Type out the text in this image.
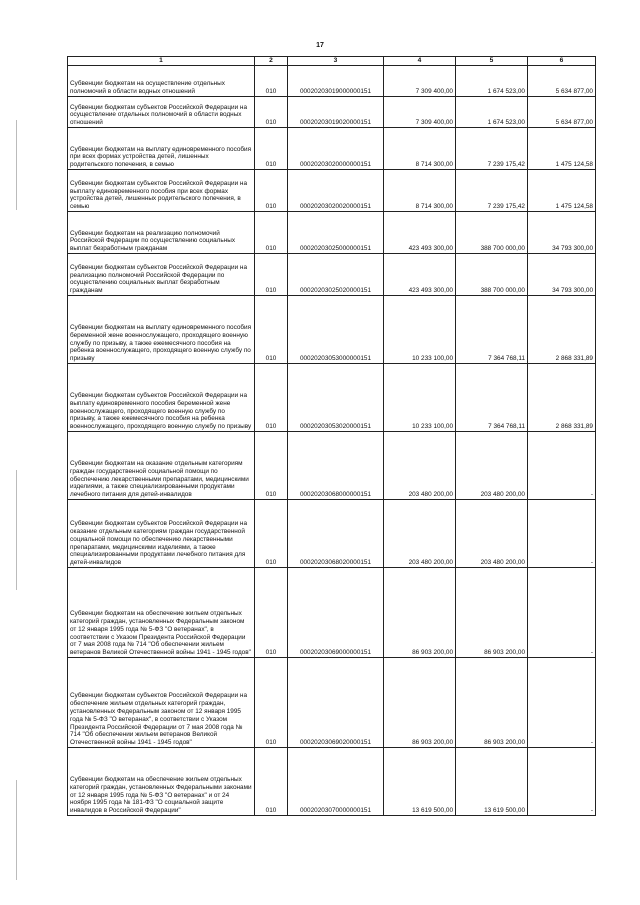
17
1	2	3	4	5	6
Субвенции бюджетам на осуществление отдельных полномочий в области водных отношений	010	00020203019000000151	7 309 400,00	1 674 523,00	5 634 877,00
Субвенции бюджетам субъектов Российской Федерации на осуществление отдельных полномочий в области водных отношений	010	00020203019020000151	7 309 400,00	1 674 523,00	5 634 877,00
Субвенции бюджетам на выплату единовременного пособия при всех формах устройства детей, лишенных родительского попечения, в семью	010	00020203020000000151	8 714 300,00	7 239 175,42	1 475 124,58
Субвенции бюджетам субъектов Российской Федерации на выплату единовременного пособия при всех формах устройства детей, лишенных родительского попечения, в семью	010	00020203020020000151	8 714 300,00	7 239 175,42	1 475 124,58
Субвенции бюджетам на реализацию полномочий Российской Федерации по осуществлению социальных выплат безработным гражданам	010	00020203025000000151	423 493 300,00	388 700 000,00	34 793 300,00
Субвенции бюджетам субъектов Российской Федерации на реализацию полномочий Российской Федерации по осуществлению социальных выплат безработным гражданам	010	00020203025020000151	423 493 300,00	388 700 000,00	34 793 300,00
Субвенции бюджетам на выплату единовременного пособия беременной жене военнослужащего, проходящего военную службу по призыву, а также ежемесячного пособия на ребенка военнослужащего, проходящего военную службу по призыву	010	00020203053000000151	10 233 100,00	7 364 768,11	2 868 331,89
Субвенции бюджетам субъектов Российской Федерации на выплату единовременного пособия беременной жене военнослужащего, проходящего военную службу по призыву, а также ежемесячного пособия на ребенка военнослужащего, проходящего военную службу по призыву	010	00020203053020000151	10 233 100,00	7 364 768,11	2 868 331,89
Субвенции бюджетам на оказание отдельным категориям граждан государственной социальной помощи по обеспечению лекарственными препаратами, медицинскими изделиями, а также специализированными продуктами лечебного питания для детей-инвалидов	010	00020203068000000151	203 480 200,00	203 480 200,00	-
Субвенции бюджетам субъектов Российской Федерации на оказание отдельным категориям граждан государственной социальной помощи по обеспечению лекарственными препаратами, медицинскими изделиями, а также специализированными продуктами лечебного питания для детей-инвалидов	010	00020203068020000151	203 480 200,00	203 480 200,00	-
Субвенции бюджетам на обеспечение жильем отдельных категорий граждан, установленных Федеральным законом от 12 января 1995 года № 5-ФЗ "О ветеранах", в соответствии с Указом Президента Российской Федерации от 7 мая 2008 года № 714 "Об обеспечении жильем ветеранов Великой Отечественной войны 1941 - 1945 годов"	010	00020203069000000151	86 903 200,00	86 903 200,00	-
Субвенции бюджетам субъектов Российской Федерации на обеспечение жильем отдельных категорий граждан, установленных Федеральным законом от 12 января 1995 года № 5-ФЗ "О ветеранах", в соответствии с Указом Президента Российской Федерации от 7 мая 2008 года № 714 "Об обеспечении жильем ветеранов Великой Отечественной войны 1941 - 1945 годов"	010	00020203069020000151	86 903 200,00	86 903 200,00	-
Субвенции бюджетам на обеспечение жильем отдельных категорий граждан, установленных Федеральными законами от 12 января 1995 года № 5-ФЗ "О ветеранах" и от 24 ноября 1995 года № 181-ФЗ "О социальной защите инвалидов в Российской Федерации"	010	00020203070000000151	13 619 500,00	13 619 500,00	-
